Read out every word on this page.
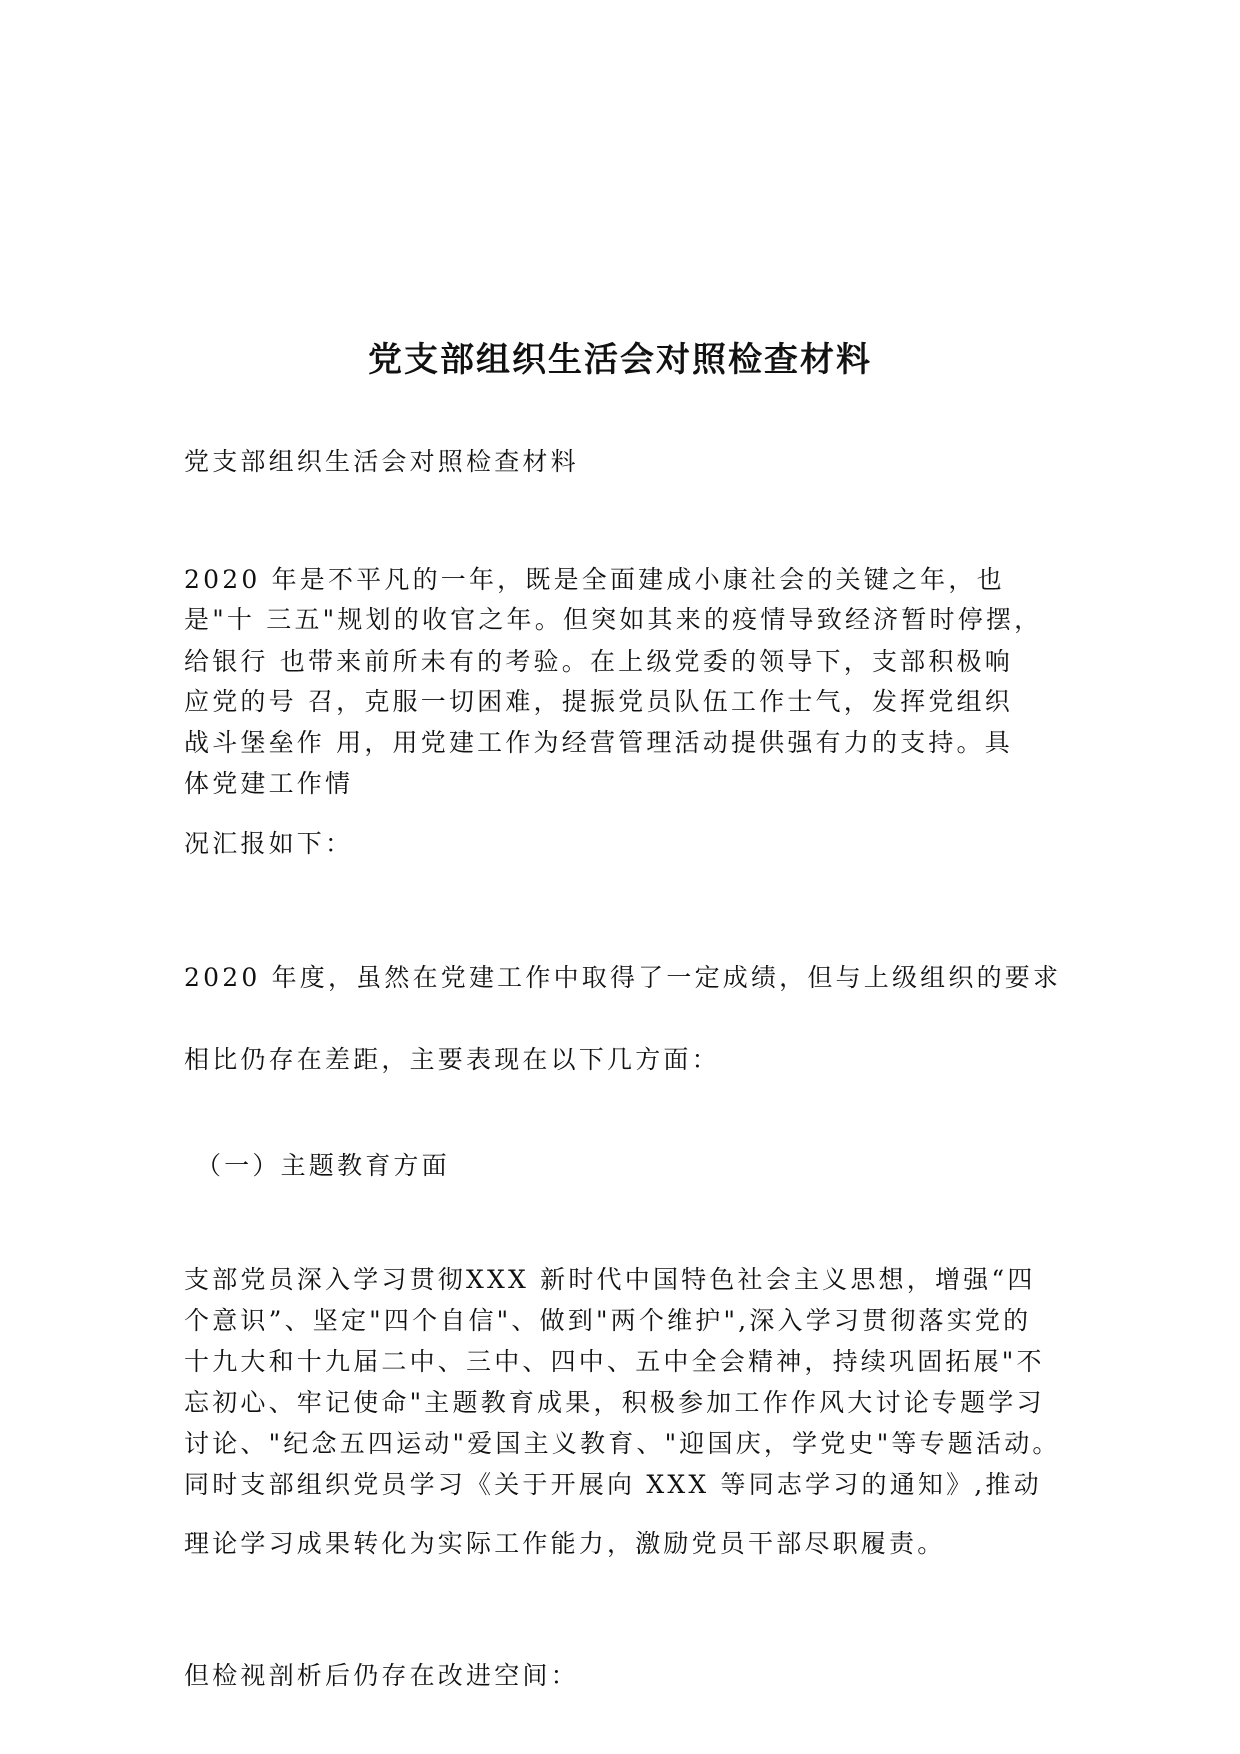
党支部组织生活会对照检查材料
党支部组织生活会对照检查材料
2020 年是不平凡的一年，既是全面建成小康社会的关键之年，也
是"十 三五"规划的收官之年。但突如其来的疫情导致经济暂时停摆，
给银行 也带来前所未有的考验。在上级党委的领导下，支部积极响
应党的号 召，克服一切困难，提振党员队伍工作士气，发挥党组织
战斗堡垒作 用，用党建工作为经营管理活动提供强有力的支持。具
体党建工作情
况汇报如下：
2020 年度，虽然在党建工作中取得了一定成绩，但与上级组织的要求
相比仍存在差距，主要表现在以下几方面：
（一）主题教育方面
支部党员深入学习贯彻XXX 新时代中国特色社会主义思想，增强“四
个意识”、坚定"四个自信"、做到"两个维护",深入学习贯彻落实党的
十九大和十九届二中、三中、四中、五中全会精神，持续巩固拓展"不
忘初心、牢记使命"主题教育成果，积极参加工作作风大讨论专题学习
讨论、"纪念五四运动"爱国主义教育、"迎国庆，学党史"等专题活动。
同时支部组织党员学习《关于开展向 XXX 等同志学习的通知》,推动
理论学习成果转化为实际工作能力，激励党员干部尽职履责。
但检视剖析后仍存在改进空间：
